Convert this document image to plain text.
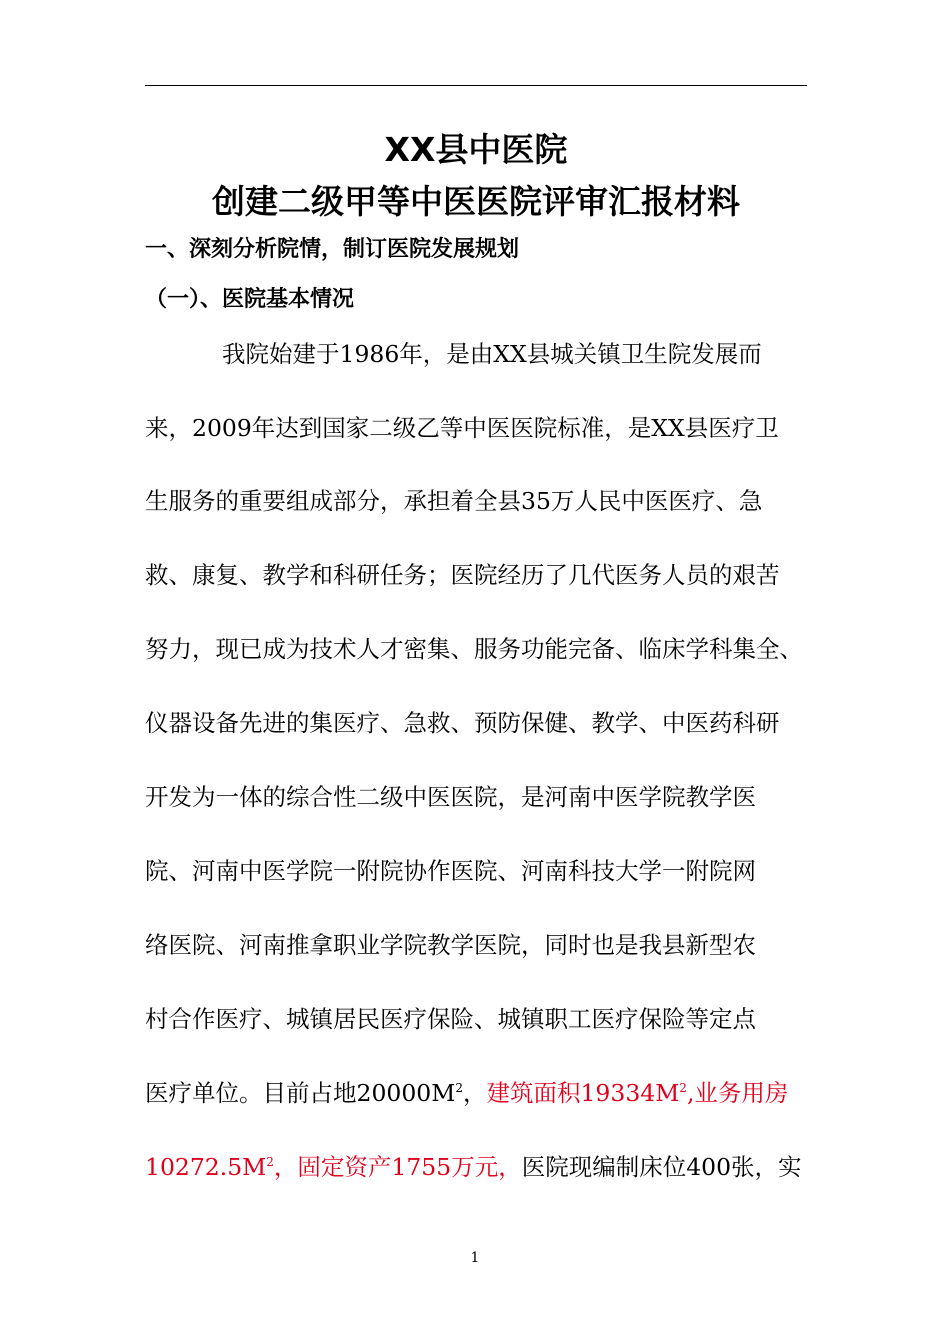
XX县中医院
创建二级甲等中医医院评审汇报材料
一、深刻分析院情，制订医院发展规划
（一）、医院基本情况
我院始建于1986年，是由XX县城关镇卫生院发展而
来，2009年达到国家二级乙等中医医院标准，是XX县医疗卫
生服务的重要组成部分，承担着全县35万人民中医医疗、急
救、康复、教学和科研任务；医院经历了几代医务人员的艰苦
努力，现已成为技术人才密集、服务功能完备、临床学科集全、
仪器设备先进的集医疗、急救、预防保健、教学、中医药科研
开发为一体的综合性二级中医医院，是河南中医学院教学医
院、河南中医学院一附院协作医院、河南科技大学一附院网
络医院、河南推拿职业学院教学医院，同时也是我县新型农
村合作医疗、城镇居民医疗保险、城镇职工医疗保险等定点
医疗单位。目前占地$20000M^2$，建筑面积$19334M^2$,业务用房
$10272.5M^2$，固定资产1755万元，医院现编制床位400张，实
1
